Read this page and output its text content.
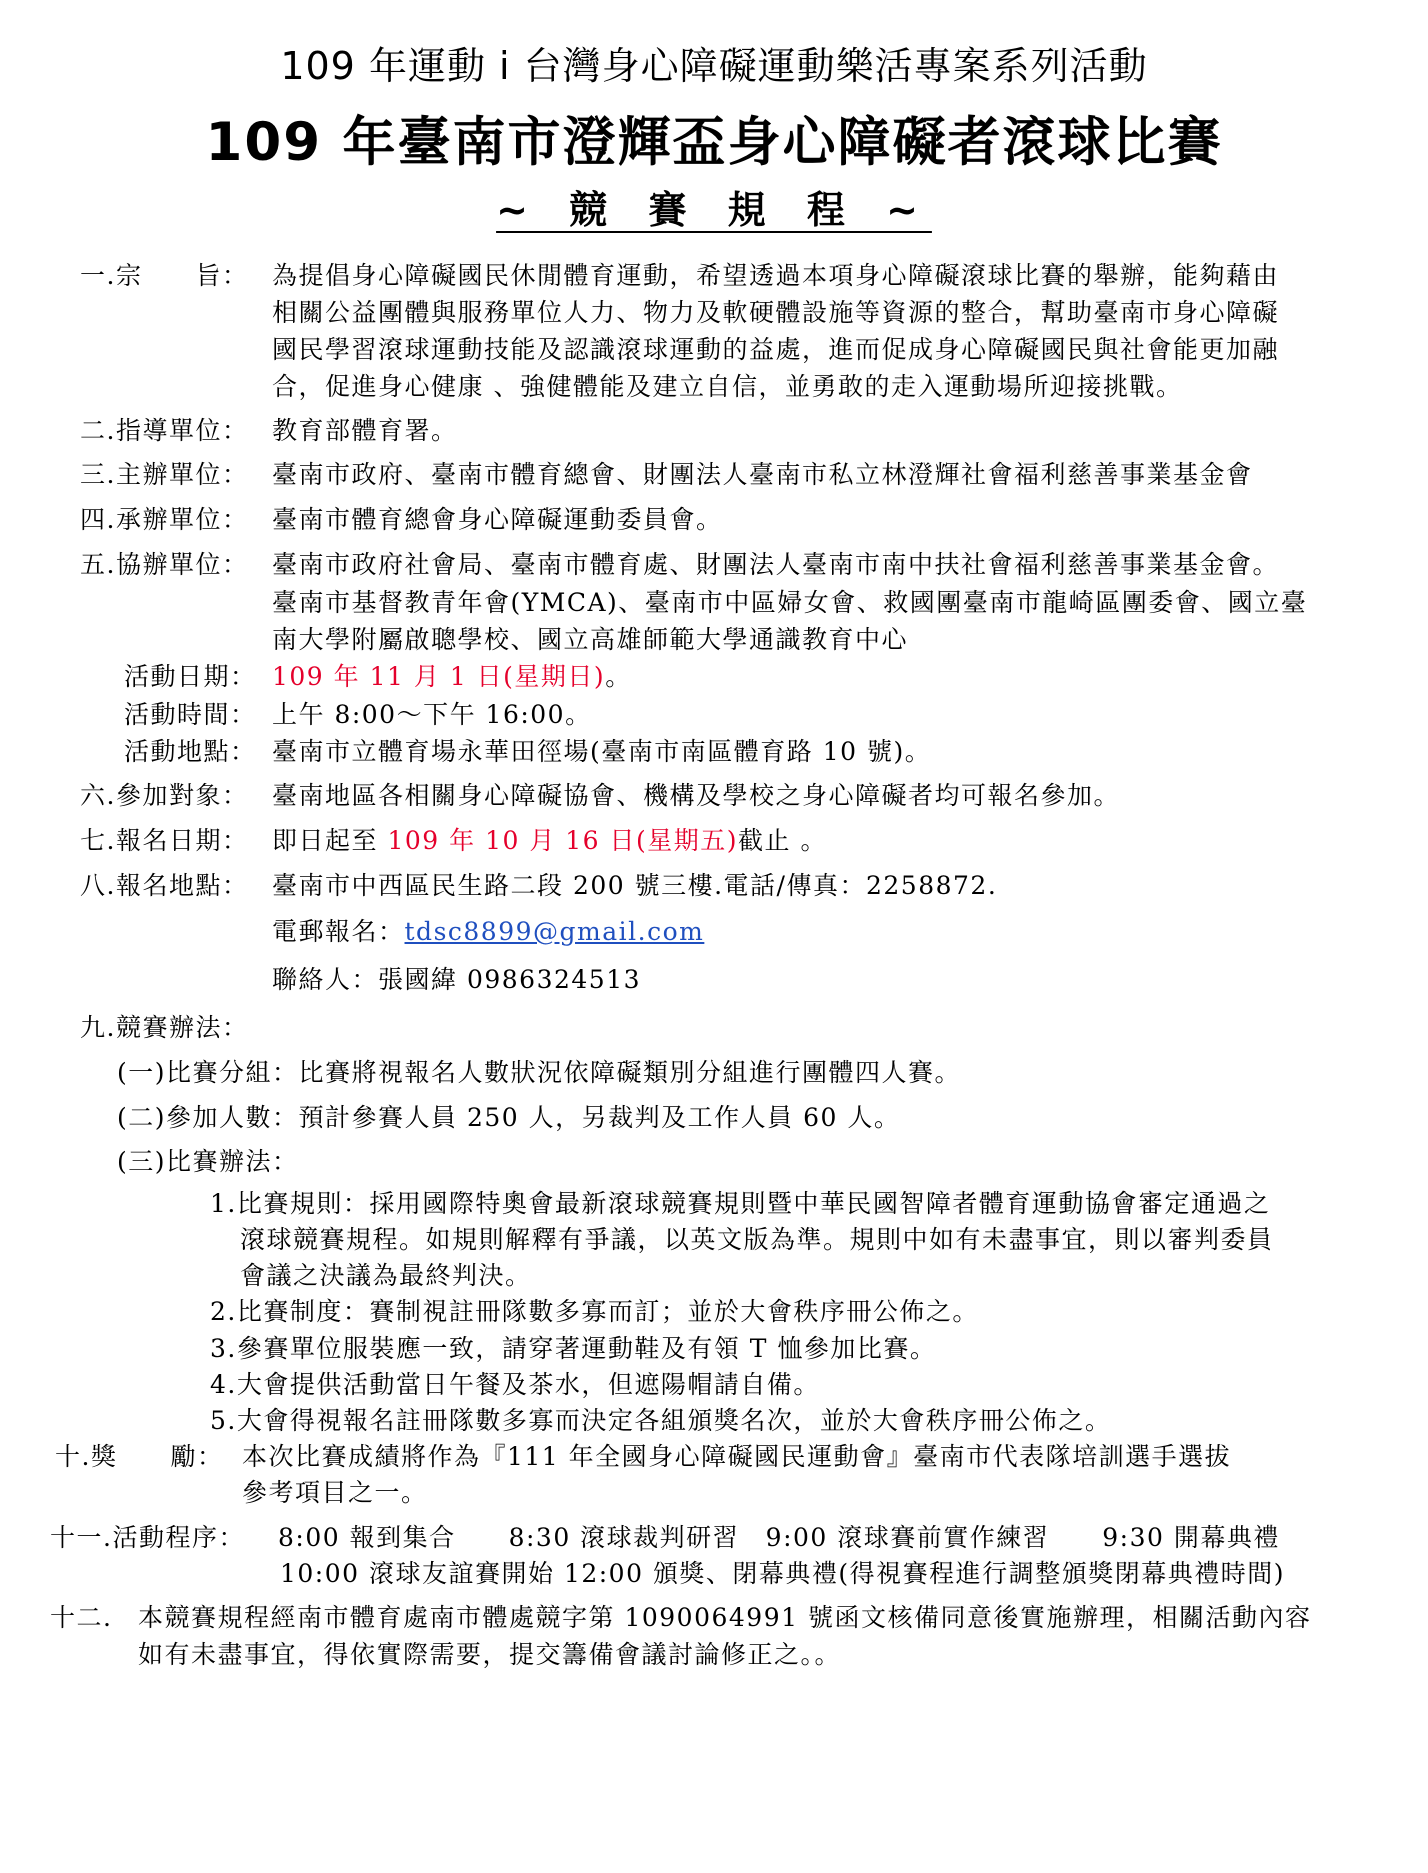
109 年運動 i 台灣身心障礙運動樂活專案系列活動
109 年臺南市澄輝盃身心障礙者滾球比賽
~ 競 賽 規 程 ~
一.宗　　旨： 為提倡身心障礙國民休閒體育運動，希望透過本項身心障礙滾球比賽的舉辦，能夠藉由
相關公益團體與服務單位人力、物力及軟硬體設施等資源的整合，幫助臺南市身心障礙
國民學習滾球運動技能及認識滾球運動的益處，進而促成身心障礙國民與社會能更加融
合，促進身心健康 、強健體能及建立自信，並勇敢的走入運動場所迎接挑戰。
二.指導單位： 教育部體育署。
三.主辦單位： 臺南市政府、臺南市體育總會、財團法人臺南市私立林澄輝社會福利慈善事業基金會
四.承辦單位： 臺南市體育總會身心障礙運動委員會。
五.協辦單位： 臺南市政府社會局、臺南市體育處、財團法人臺南市南中扶社會福利慈善事業基金會。
臺南市基督教青年會(YMCA)、臺南市中區婦女會、救國團臺南市龍崎區團委會、國立臺
南大學附屬啟聰學校、國立高雄師範大學通識教育中心
活動日期： 109 年 11 月 1 日(星期日)。
活動時間： 上午 8:00～下午 16:00。
活動地點： 臺南市立體育場永華田徑場(臺南市南區體育路 10 號)。
六.參加對象： 臺南地區各相關身心障礙協會、機構及學校之身心障礙者均可報名參加。
七.報名日期： 即日起至 109 年 10 月 16 日(星期五)截止 。
八.報名地點： 臺南市中西區民生路二段 200 號三樓.電話/傳真：2258872.
電郵報名：tdsc8899@gmail.com
聯絡人：張國緯 0986324513
九.競賽辦法：
(一)比賽分組：比賽將視報名人數狀況依障礙類別分組進行團體四人賽。
(二)參加人數：預計參賽人員 250 人，另裁判及工作人員 60 人。
(三)比賽辦法：
1.比賽規則：採用國際特奧會最新滾球競賽規則暨中華民國智障者體育運動協會審定通過之
滾球競賽規程。如規則解釋有爭議，以英文版為準。規則中如有未盡事宜，則以審判委員
會議之決議為最終判決。
2.比賽制度：賽制視註冊隊數多寡而訂；並於大會秩序冊公佈之。
3.參賽單位服裝應一致，請穿著運動鞋及有領 T 恤參加比賽。
4.大會提供活動當日午餐及茶水，但遮陽帽請自備。
5.大會得視報名註冊隊數多寡而決定各組頒獎名次，並於大會秩序冊公佈之。
十.獎　　勵： 本次比賽成績將作為『111 年全國身心障礙國民運動會』臺南市代表隊培訓選手選拔
參考項目之一。
十一.活動程序： 8:00 報到集合　　8:30 滾球裁判研習　9:00 滾球賽前實作練習　　9:30 開幕典禮
10:00 滾球友誼賽開始 12:00 頒獎、閉幕典禮(得視賽程進行調整頒獎閉幕典禮時間)
十二. 本競賽規程經南市體育處南市體處競字第 1090064991 號函文核備同意後實施辦理，相關活動內容
如有未盡事宜，得依實際需要，提交籌備會議討論修正之。。
